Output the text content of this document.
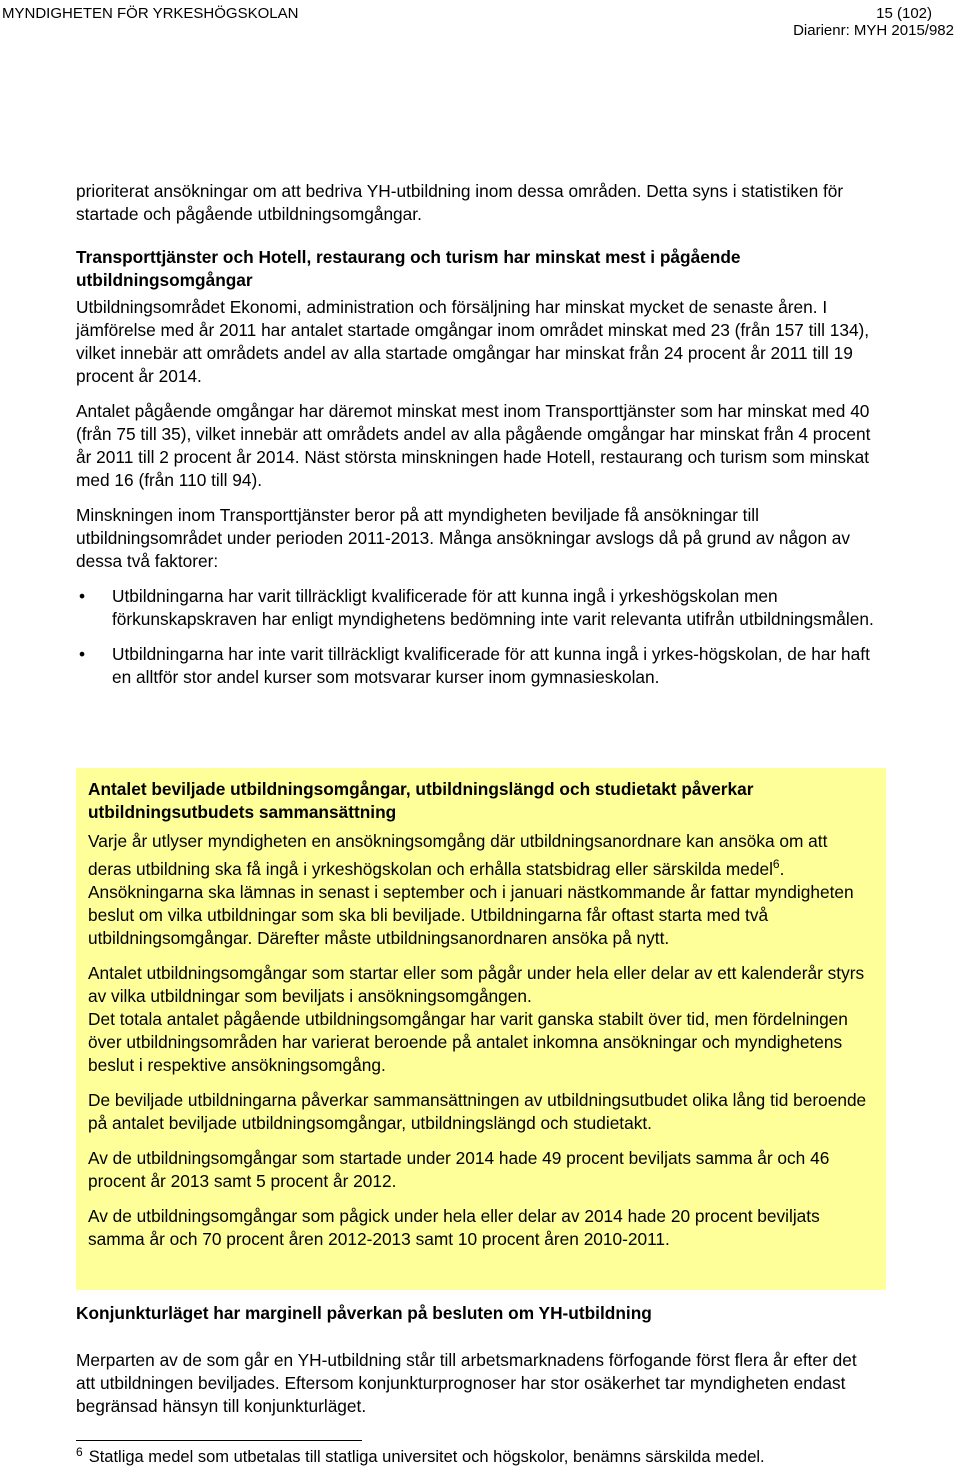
MYNDIGHETEN FÖR YRKESHÖGSKOLAN	15 (102)
Diarienr: MYH 2015/982

prioriterat ansökningar om att bedriva YH-utbildning inom dessa områden. Detta syns i statistiken för startade och pågående utbildningsomgångar.

Transporttjänster och Hotell, restaurang och turism har minskat mest i pågående utbildningsomgångar

Utbildningsområdet Ekonomi, administration och försäljning har minskat mycket de senaste åren. I jämförelse med år 2011 har antalet startade omgångar inom området minskat med 23 (från 157 till 134), vilket innebär att områdets andel av alla startade omgångar har minskat från 24 procent år 2011 till 19 procent år 2014.

Antalet pågående omgångar har däremot minskat mest inom Transporttjänster som har minskat med 40 (från 75 till 35), vilket innebär att områdets andel av alla pågående omgångar har minskat från 4 procent år 2011 till 2 procent år 2014. Näst största minskningen hade Hotell, restaurang och turism som minskat med 16 (från 110 till 94).

Minskningen inom Transporttjänster beror på att myndigheten beviljade få ansökningar till utbildningsområdet under perioden 2011-2013. Många ansökningar avslogs då på grund av någon av dessa två faktorer:

• Utbildningarna har varit tillräckligt kvalificerade för att kunna ingå i yrkeshögskolan men förkunskapskraven har enligt myndighetens bedömning inte varit relevanta utifrån utbildningsmålen.
• Utbildningarna har inte varit tillräckligt kvalificerade för att kunna ingå i yrkes-högskolan, de har haft en alltför stor andel kurser som motsvarar kurser inom gymnasieskolan.

Antalet beviljade utbildningsomgångar, utbildningslängd och studietakt påverkar utbildningsutbudets sammansättning

Varje år utlyser myndigheten en ansökningsomgång där utbildningsanordnare kan ansöka om att deras utbildning ska få ingå i yrkeshögskolan och erhålla statsbidrag eller särskilda medel$^6$. Ansökningarna ska lämnas in senast i september och i januari nästkommande år fattar myndigheten beslut om vilka utbildningar som ska bli beviljade. Utbildningarna får oftast starta med två utbildningsomgångar. Därefter måste utbildningsanordnaren ansöka på nytt.

Antalet utbildningsomgångar som startar eller som pågår under hela eller delar av ett kalenderår styrs av vilka utbildningar som beviljats i ansökningsomgången.

Det totala antalet pågående utbildningsomgångar har varit ganska stabilt över tid, men fördelningen över utbildningsområden har varierat beroende på antalet inkomna ansökningar och myndighetens beslut i respektive ansökningsomgång.

De beviljade utbildningarna påverkar sammansättningen av utbildningsutbudet olika lång tid beroende på antalet beviljade utbildningsomgångar, utbildningslängd och studietakt.

Av de utbildningsomgångar som startade under 2014 hade 49 procent beviljats samma år och 46 procent år 2013 samt 5 procent år 2012.

Av de utbildningsomgångar som pågick under hela eller delar av 2014 hade 20 procent beviljats samma år och 70 procent åren 2012-2013 samt 10 procent åren 2010-2011.

Konjunkturläget har marginell påverkan på besluten om YH-utbildning

Merparten av de som går en YH-utbildning står till arbetsmarknadens förfogande först flera år efter det att utbildningen beviljades. Eftersom konjunkturprognoser har stor osäkerhet tar myndigheten endast begränsad hänsyn till konjunkturläget.

$^6$ Statliga medel som utbetalas till statliga universitet och högskolor, benämns särskilda medel.
